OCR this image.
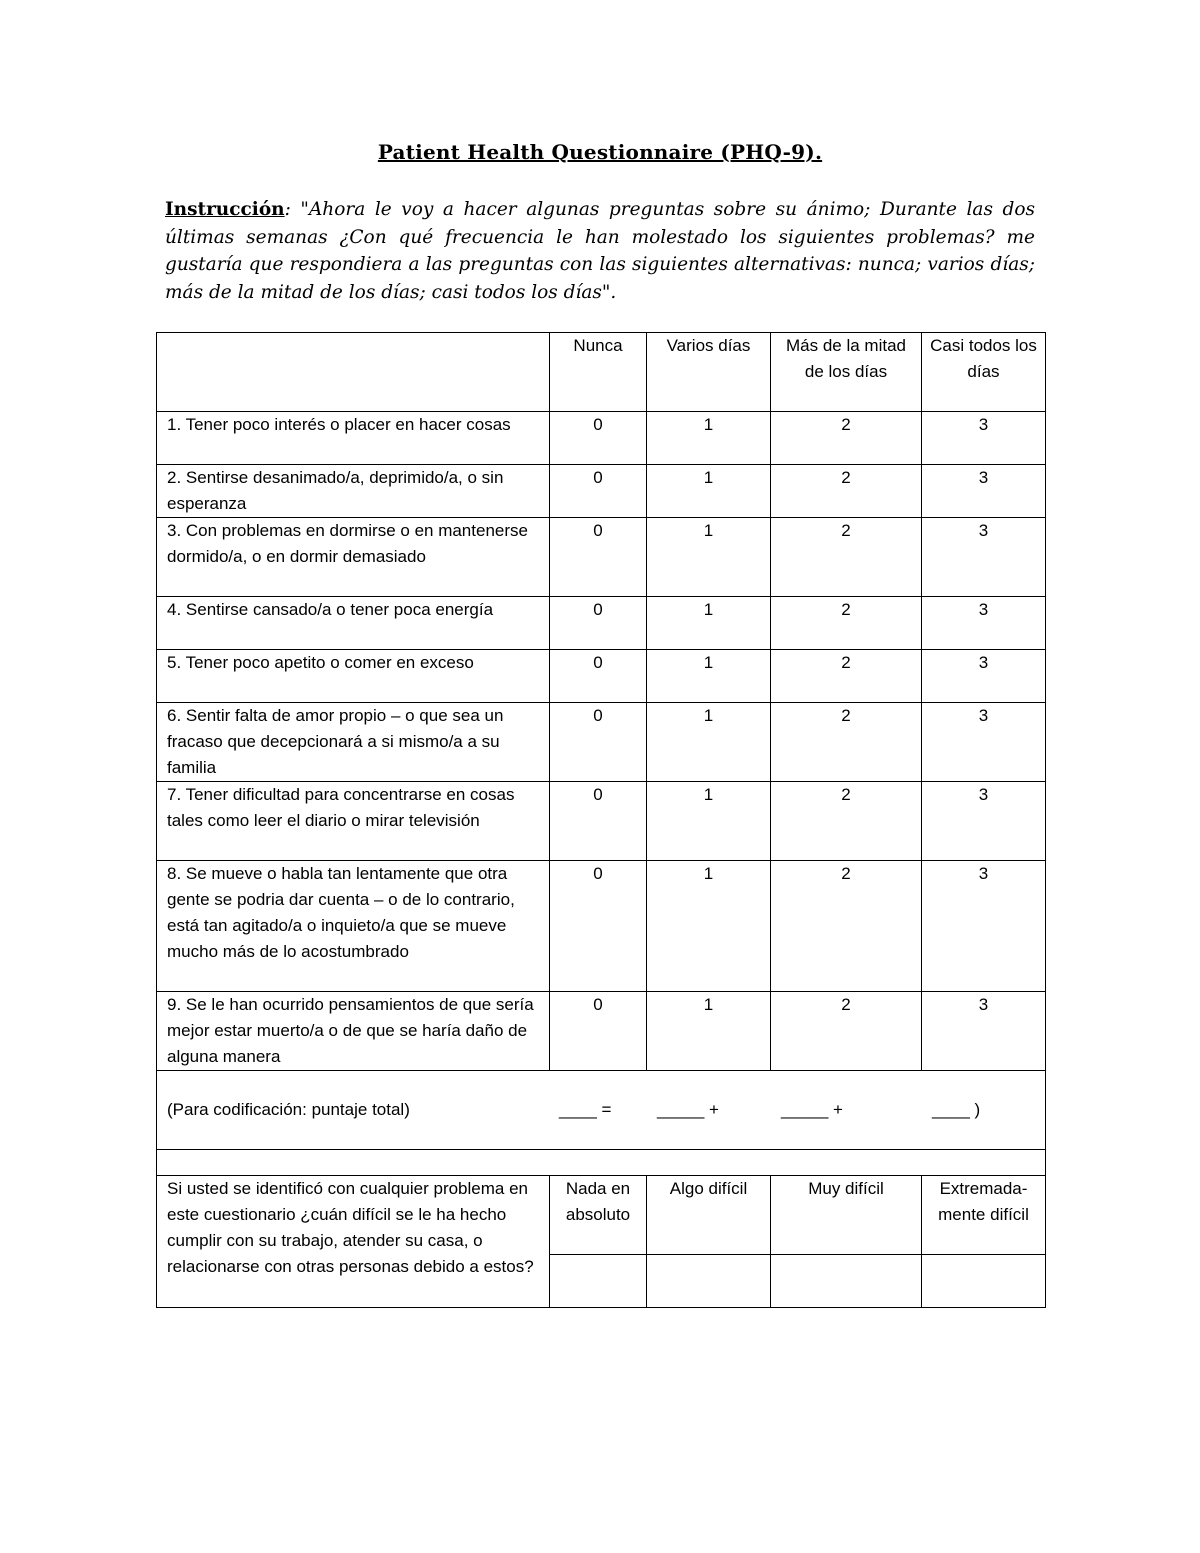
Patient Health Questionnaire (PHQ-9).
Instrucción: "Ahora le voy a hacer algunas preguntas sobre su ánimo; Durante las dos últimas semanas ¿Con qué frecuencia le han molestado los siguientes problemas? me gustaría que respondiera a las preguntas con las siguientes alternativas: nunca; varios días; más de la mitad de los días; casi todos los días".
	Nunca	Varios días	Más de la mitad de los días	Casi todos los días
1. Tener poco interés o placer en hacer cosas	0	1	2	3
2. Sentirse desanimado/a, deprimido/a, o sin esperanza	0	1	2	3
3. Con problemas en dormirse o en mantenerse dormido/a, o en dormir demasiado	0	1	2	3
4. Sentirse cansado/a o tener poca energía	0	1	2	3
5. Tener poco apetito o comer en exceso	0	1	2	3
6. Sentir falta de amor propio – o que sea un fracaso que decepcionará a si mismo/a a su familia	0	1	2	3
7. Tener dificultad para concentrarse en cosas tales como leer el diario o mirar televisión	0	1	2	3
8. Se mueve o habla tan lentamente que otra gente se podria dar cuenta – o de lo contrario, está tan agitado/a o inquieto/a que se mueve mucho más de lo acostumbrado	0	1	2	3
9. Se le han ocurrido pensamientos de que sería mejor estar muerto/a o de que se haría daño de alguna manera	0	1	2	3

(Para codificación: puntaje total) ____ = _____ + _____ + ____ )				

Si usted se identificó con cualquier problema en este cuestionario ¿cuán difícil se le ha hecho cumplir con su trabajo, atender su casa, o relacionarse con otras personas debido a estos?	Nada en absoluto	Algo difícil	Muy difícil	Extremada-mente difícil
